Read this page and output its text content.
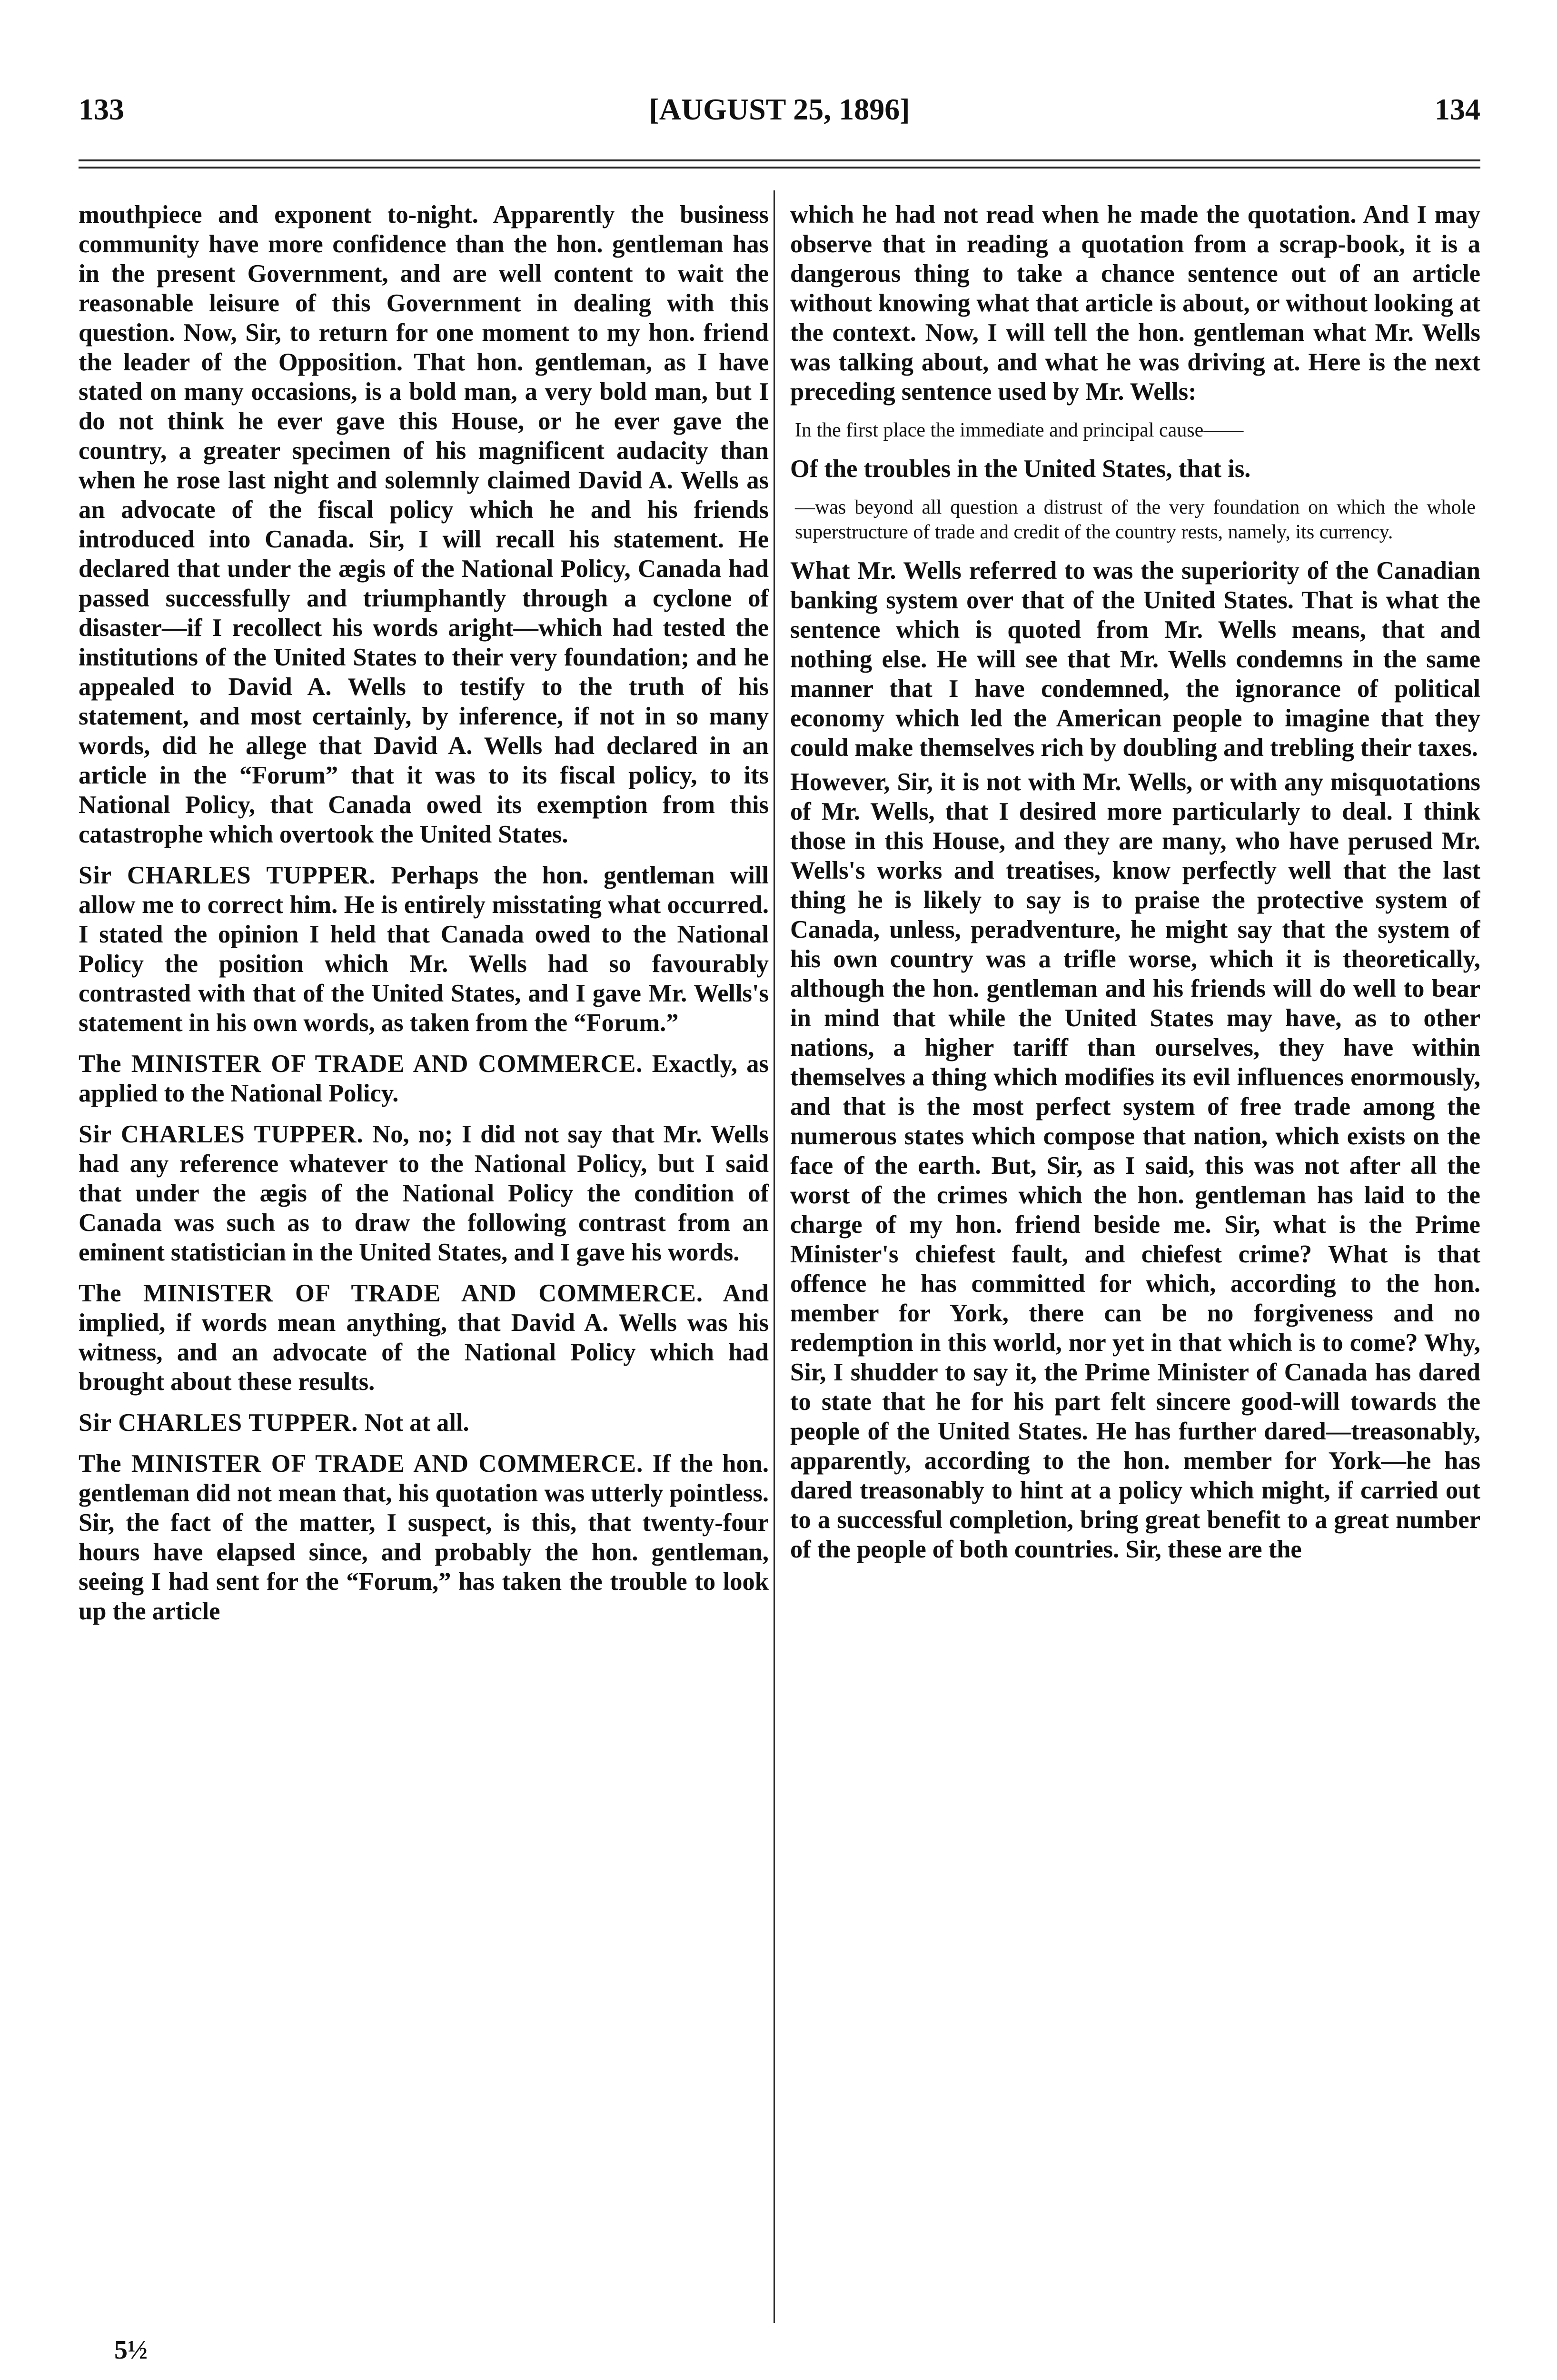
133	[AUGUST 25, 1896]	134

mouthpiece and exponent to-night. Apparently the business community have more confidence than the hon. gentleman has in the present Government, and are well content to wait the reasonable leisure of this Government in dealing with this question. Now, Sir, to return for one moment to my hon. friend the leader of the Opposition. That hon. gentleman, as I have stated on many occasions, is a bold man, a very bold man, but I do not think he ever gave this House, or he ever gave the country, a greater specimen of his magnificent audacity than when he rose last night and solemnly claimed David A. Wells as an advocate of the fiscal policy which he and his friends introduced into Canada. Sir, I will recall his statement. He declared that under the ægis of the National Policy, Canada had passed successfully and triumphantly through a cyclone of disaster—if I recollect his words aright—which had tested the institutions of the United States to their very foundation; and he appealed to David A. Wells to testify to the truth of his statement, and most certainly, by inference, if not in so many words, did he allege that David A. Wells had declared in an article in the “Forum” that it was to its fiscal policy, to its National Policy, that Canada owed its exemption from this catastrophe which overtook the United States.

Sir CHARLES TUPPER. Perhaps the hon. gentleman will allow me to correct him. He is entirely misstating what occurred. I stated the opinion I held that Canada owed to the National Policy the position which Mr. Wells had so favourably contrasted with that of the United States, and I gave Mr. Wells's statement in his own words, as taken from the “Forum.”

The MINISTER OF TRADE AND COMMERCE. Exactly, as applied to the National Policy.

Sir CHARLES TUPPER. No, no; I did not say that Mr. Wells had any reference whatever to the National Policy, but I said that under the ægis of the National Policy the condition of Canada was such as to draw the following contrast from an eminent statistician in the United States, and I gave his words.

The MINISTER OF TRADE AND COMMERCE. And implied, if words mean anything, that David A. Wells was his witness, and an advocate of the National Policy which had brought about these results.

Sir CHARLES TUPPER. Not at all.

The MINISTER OF TRADE AND COMMERCE. If the hon. gentleman did not mean that, his quotation was utterly pointless. Sir, the fact of the matter, I suspect, is this, that twenty-four hours have elapsed since, and probably the hon. gentleman, seeing I had sent for the “Forum,” has taken the trouble to look up the article

which he had not read when he made the quotation. And I may observe that in reading a quotation from a scrap-book, it is a dangerous thing to take a chance sentence out of an article without knowing what that article is about, or without looking at the context. Now, I will tell the hon. gentleman what Mr. Wells was talking about, and what he was driving at. Here is the next preceding sentence used by Mr. Wells:

In the first place the immediate and principal cause——

Of the troubles in the United States, that is.

—was beyond all question a distrust of the very foundation on which the whole superstructure of trade and credit of the country rests, namely, its currency.

What Mr. Wells referred to was the superiority of the Canadian banking system over that of the United States. That is what the sentence which is quoted from Mr. Wells means, that and nothing else. He will see that Mr. Wells condemns in the same manner that I have condemned, the ignorance of political economy which led the American people to imagine that they could make themselves rich by doubling and trebling their taxes.

However, Sir, it is not with Mr. Wells, or with any misquotations of Mr. Wells, that I desired more particularly to deal. I think those in this House, and they are many, who have perused Mr. Wells's works and treatises, know perfectly well that the last thing he is likely to say is to praise the protective system of Canada, unless, peradventure, he might say that the system of his own country was a trifle worse, which it is theoretically, although the hon. gentleman and his friends will do well to bear in mind that while the United States may have, as to other nations, a higher tariff than ourselves, they have within themselves a thing which modifies its evil influences enormously, and that is the most perfect system of free trade among the numerous states which compose that nation, which exists on the face of the earth. But, Sir, as I said, this was not after all the worst of the crimes which the hon. gentleman has laid to the charge of my hon. friend beside me. Sir, what is the Prime Minister's chiefest fault, and chiefest crime? What is that offence he has committed for which, according to the hon. member for York, there can be no forgiveness and no redemption in this world, nor yet in that which is to come? Why, Sir, I shudder to say it, the Prime Minister of Canada has dared to state that he for his part felt sincere good-will towards the people of the United States. He has further dared—treasonably, apparently, according to the hon. member for York—he has dared treasonably to hint at a policy which might, if carried out to a successful completion, bring great benefit to a great number of the people of both countries. Sir, these are the

5½
